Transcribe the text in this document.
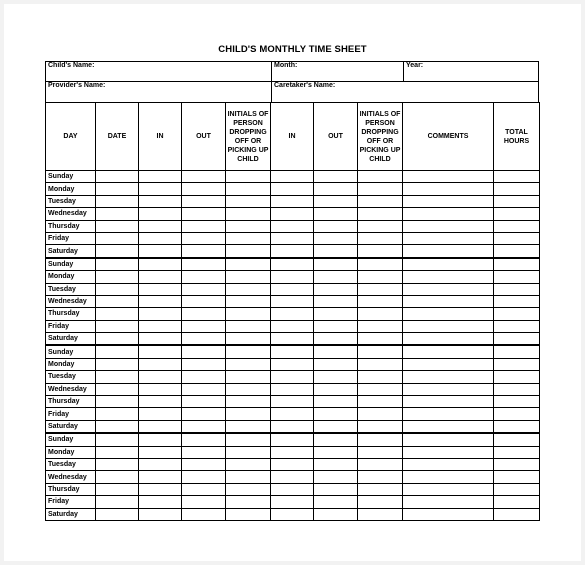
CHILD'S MONTHLY TIME SHEET
Child's Name:	Month:	Year:
Provider's Name:	Caretaker's Name:
DAY	DATE	IN	OUT	INITIALS OF PERSON DROPPING OFF OR PICKING UP CHILD	IN	OUT	INITIALS OF PERSON DROPPING OFF OR PICKING UP CHILD	COMMENTS	TOTAL HOURS
Sunday									
Monday									
Tuesday									
Wednesday									
Thursday									
Friday									
Saturday									
Sunday									
Monday									
Tuesday									
Wednesday									
Thursday									
Friday									
Saturday									
Sunday									
Monday									
Tuesday									
Wednesday									
Thursday									
Friday									
Saturday									
Sunday									
Monday									
Tuesday									
Wednesday									
Thursday									
Friday									
Saturday									
